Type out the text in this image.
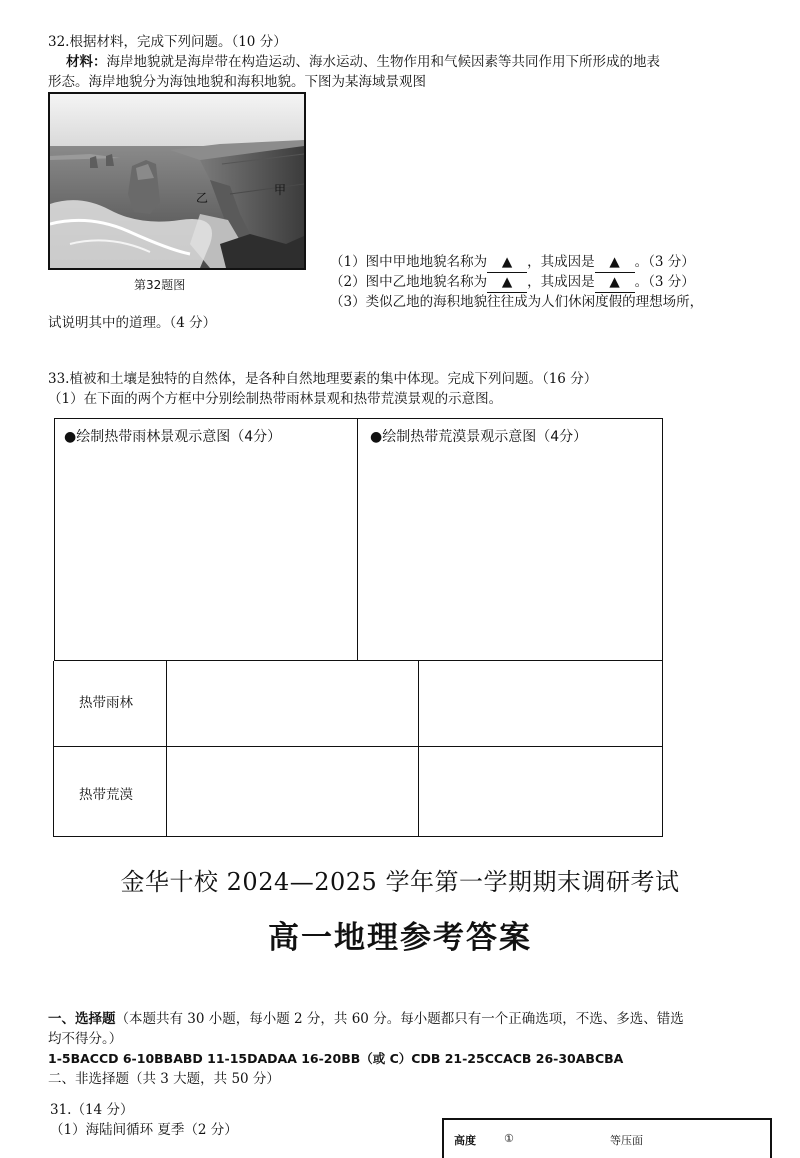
32.根据材料，完成下列问题。（10 分）
材料：海岸地貌就是海岸带在构造运动、海水运动、生物作用和气候因素等共同作用下所形成的地表
形态。海岸地貌分为海蚀地貌和海积地貌。下图为某海域景观图
乙
甲
第32题图
（1）图中甲地地貌名称为 ▲ ，其成因是 ▲ 。（3 分）
（2）图中乙地地貌名称为 ▲ ，其成因是 ▲ 。（3 分）
（3）类似乙地的海积地貌往往成为人们休闲度假的理想场所，
试说明其中的道理。（4 分）
33.植被和土壤是独特的自然体，是各种自然地理要素的集中体现。完成下列问题。（16 分）
（1）在下面的两个方框中分别绘制热带雨林景观和热带荒漠景观的示意图。
●绘制热带雨林景观示意图（4分）	●绘制热带荒漠景观示意图（4分）
热带雨林
热带荒漠
金华十校 2024—2025 学年第一学期期末调研考试
高一地理参考答案
一、选择题（本题共有 30 小题，每小题 2 分，共 60 分。每小题都只有一个正确选项，不选、多选、错选
均不得分。）
1-5BACCD 6-10BBABD 11-15DADAA 16-20BB（或 C）CDB 21-25CCACB 26-30ABCBA
二、非选择题（共 3 大题，共 50 分）
31.（14 分）
（1）海陆间循环 夏季（2 分）
高度	①	等压面
